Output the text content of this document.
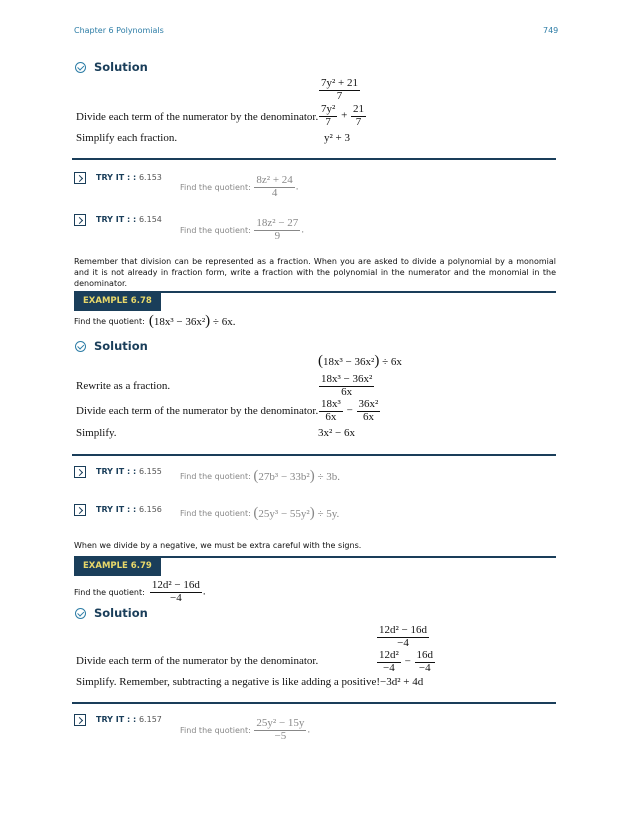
Chapter 6 Polynomials	749
Solution
$\frac{\text{7y² + 21}}{7}$
Divide each term of the numerator by the denominator. $\frac{\text{7y²}}{7} + \frac{21}{7}$
Simplify each fraction.	y² + 3
TRY IT : : 6.153
Find the quotient:
$\frac{\text{8z² + 24}}{4}$ .
TRY IT : : 6.154
Find the quotient:
$\frac{\text{18z² − 27}}{9}$ .
Remember that division can be represented as a fraction. When you are asked to divide a polynomial by a monomial and it is not already in fraction form, write a fraction with the polynomial in the numerator and the monomial in the denominator.
EXAMPLE 6.78
Find the quotient: (18x³ − 36x²) ÷ 6x.
Solution
(18x³ − 36x²) ÷ 6x
Rewrite as a fraction.	$\frac{\text{18x³ − 36x²}}{6x}$
Divide each term of the numerator by the denominator. $\frac{\text{18x³}}{6x} - \frac{\text{36x²}}{6x}$
Simplify.	3x² − 6x
TRY IT : : 6.155
Find the quotient:
(27b³ − 33b²) ÷ 3b.
TRY IT : : 6.156 Find the quotient:
(25y³ − 55y²) ÷ 5y.
When we divide by a negative, we must be extra careful with the signs.
EXAMPLE 6.79
Find the quotient: $\frac{\text{12d² − 16d}}{-4}$ .
Solution
$\frac{\text{12d² − 16d}}{-4}$
Divide each term of the numerator by the denominator.	$\frac{\text{12d²}}{-4} - \frac{16d}{-4}$
Simplify. Remember, subtracting a negative is like adding a positive! −3d² + 4d
TRY IT : : 6.157
Find the quotient:
$\frac{\text{25y² − 15y}}{-5}$ .
